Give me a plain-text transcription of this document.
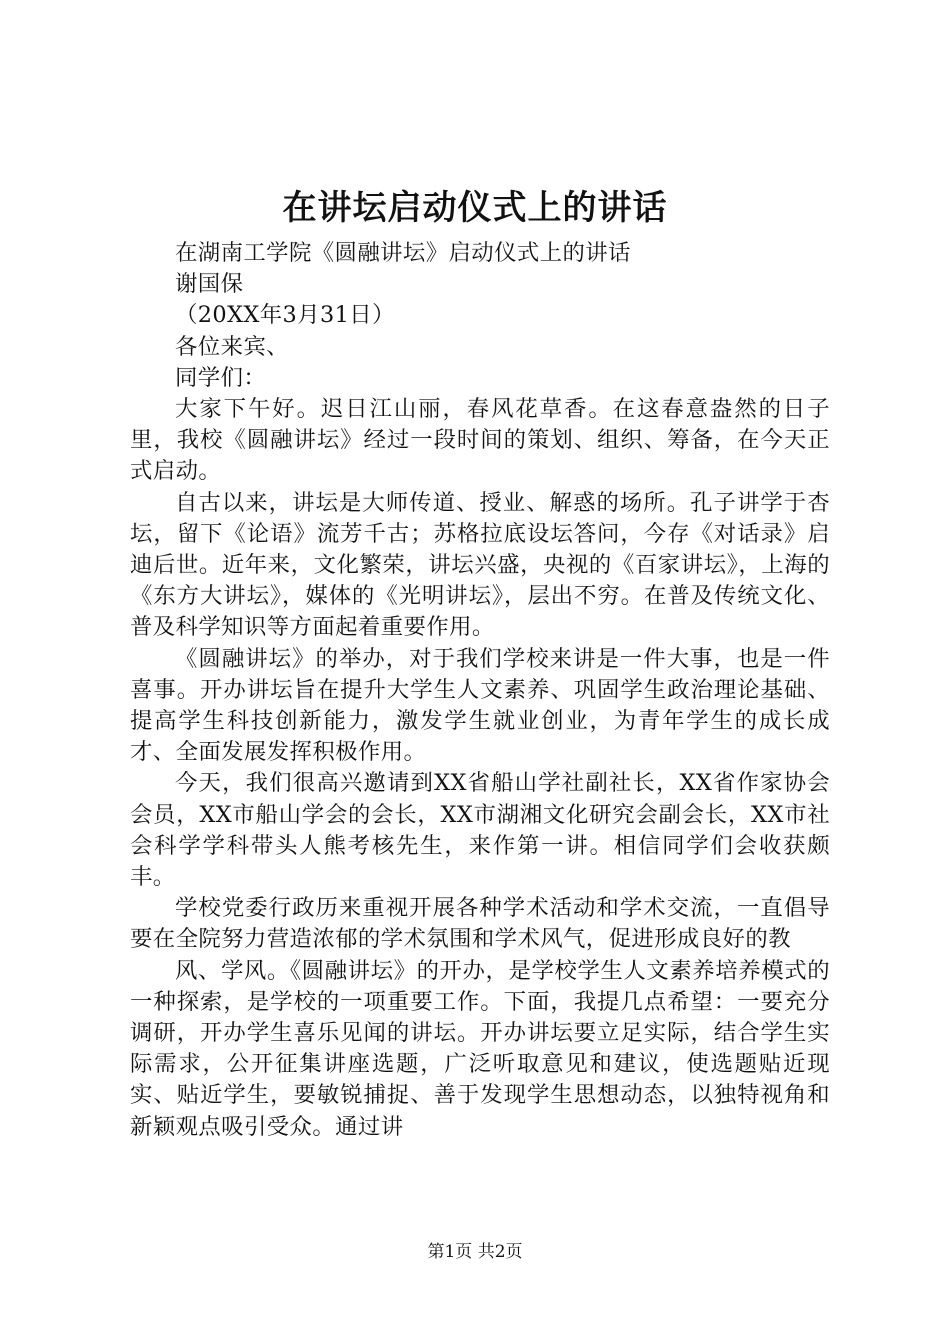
在讲坛启动仪式上的讲话
在湖南工学院《圆融讲坛》启动仪式上的讲话
谢国保
（20XX年3月31日）
各位来宾、
同学们：

大家下午好。迟日江山丽，春风花草香。在这春意盎然的日子里，我校《圆融讲坛》经过一段时间的策划、组织、筹备，在今天正式启动。

自古以来，讲坛是大师传道、授业、解惑的场所。孔子讲学于杏坛，留下《论语》流芳千古；苏格拉底设坛答问，今存《对话录》启迪后世。近年来，文化繁荣，讲坛兴盛，央视的《百家讲坛》，上海的《东方大讲坛》，媒体的《光明讲坛》，层出不穷。在普及传统文化、普及科学知识等方面起着重要作用。

《圆融讲坛》的举办，对于我们学校来讲是一件大事，也是一件喜事。开办讲坛旨在提升大学生人文素养、巩固学生政治理论基础、提高学生科技创新能力，激发学生就业创业，为青年学生的成长成才、全面发展发挥积极作用。

今天，我们很高兴邀请到XX省船山学社副社长，XX省作家协会会员，XX市船山学会的会长，XX市湖湘文化研究会副会长，XX市社会科学学科带头人熊考核先生，来作第一讲。相信同学们会收获颇丰。

学校党委行政历来重视开展各种学术活动和学术交流，一直倡导要在全院努力营造浓郁的学术氛围和学术风气，促进形成良好的教

风、学风。《圆融讲坛》的开办，是学校学生人文素养培养模式的一种探索，是学校的一项重要工作。下面，我提几点希望：一要充分调研，开办学生喜乐见闻的讲坛。开办讲坛要立足实际，结合学生实际需求，公开征集讲座选题，广泛听取意见和建议，使选题贴近现实、贴近学生，要敏锐捕捉、善于发现学生思想动态，以独特视角和新颖观点吸引受众。通过讲

第1页 共2页
